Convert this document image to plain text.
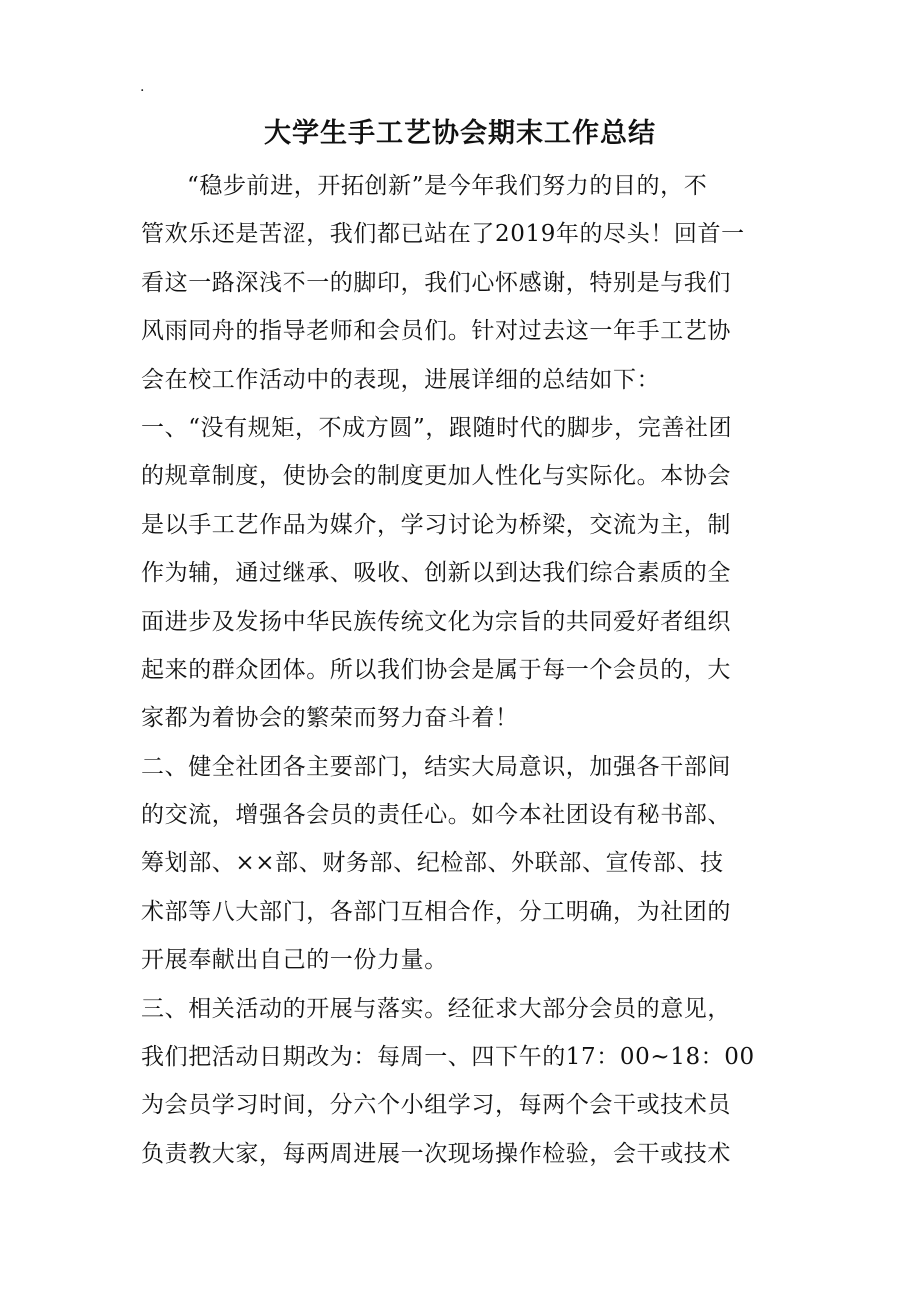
.
大学生手工艺协会期末工作总结
“稳步前进，开拓创新”是今年我们努力的目的，不
管欢乐还是苦涩，我们都已站在了2019年的尽头！回首一
看这一路深浅不一的脚印，我们心怀感谢，特别是与我们
风雨同舟的指导老师和会员们。针对过去这一年手工艺协
会在校工作活动中的表现，进展详细的总结如下：
一、“没有规矩，不成方圆”，跟随时代的脚步，完善社团
的规章制度，使协会的制度更加人性化与实际化。本协会
是以手工艺作品为媒介，学习讨论为桥梁，交流为主，制
作为辅，通过继承、吸收、创新以到达我们综合素质的全
面进步及发扬中华民族传统文化为宗旨的共同爱好者组织
起来的群众团体。所以我们协会是属于每一个会员的，大
家都为着协会的繁荣而努力奋斗着！
二、健全社团各主要部门，结实大局意识，加强各干部间
的交流，增强各会员的责任心。如今本社团设有秘书部、
筹划部、××部、财务部、纪检部、外联部、宣传部、技
术部等八大部门，各部门互相合作，分工明确，为社团的
开展奉献出自己的一份力量。
三、相关活动的开展与落实。经征求大部分会员的意见，
我们把活动日期改为：每周一、四下午的17：00~18：00
为会员学习时间，分六个小组学习，每两个会干或技术员
负责教大家，每两周进展一次现场操作检验，会干或技术
